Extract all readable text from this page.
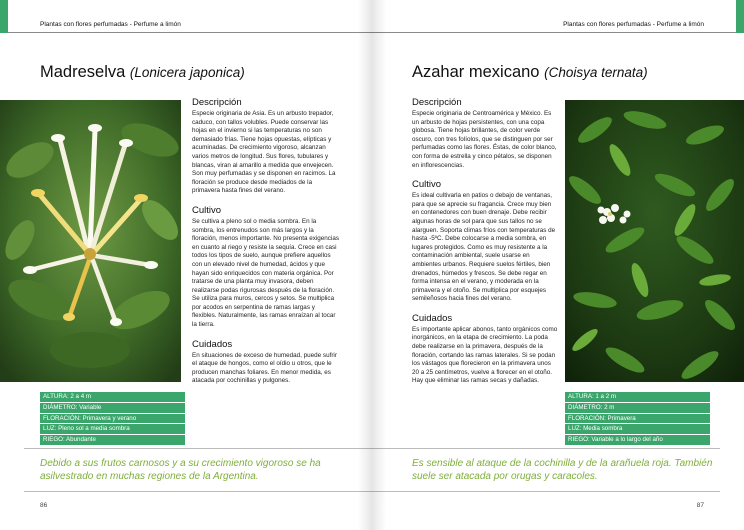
Plantas con flores perfumadas - Perfume a limón
Madreselva (Lonicera japonica)
Descripción
Especie originaria de Asia. Es un arbusto trepador, caduco, con tallos volubles. Puede conservar las hojas en el invierno si las temperaturas no son demasiado frías. Tiene hojas opuestas, elípticas y acuminadas. De crecimiento vigoroso, alcanzan varios metros de longitud. Sus flores, tubulares y blancas, viran al amarillo a medida que envejecen. Son muy perfumadas y se disponen en racimos. La floración se produce desde mediados de la primavera hasta fines del verano.
Cultivo
Se cultiva a pleno sol o media sombra. En la sombra, los entrenudos son más largos y la floración, menos importante. No presenta exigencias en cuanto al riego y resiste la sequía. Crece en casi todos los tipos de suelo, aunque prefiere aquellos con un elevado nivel de humedad, ácidos y que hayan sido enriquecidos con materia orgánica. Por tratarse de una planta muy invasora, deben realizarse podas rigurosas después de la floración. Se utiliza para muros, cercos y setos. Se multiplica por acodos en serpentina de ramas largas y flexibles. Naturalmente, las ramas enraízan al tocar la tierra.
Cuidados
En situaciones de exceso de humedad, puede sufrir el ataque de hongos, como el oídio u otros, que le producen manchas foliares. En menor medida, es atacada por cochinillas y pulgones.
ALTURA: 2 a 4 m
DIÁMETRO: Variable
FLORACIÓN: Primavera y verano
LUZ: Pleno sol a media sombra
RIEGO: Abundante
Debido a sus frutos carnosos y a su crecimiento vigoroso se ha asilvestrado en muchas regiones de la Argentina.
86
Plantas con flores perfumadas - Perfume a limón
Azahar mexicano (Choisya ternata)
Descripción
Especie originaria de Centroamérica y México. Es un arbusto de hojas persistentes, con una copa globosa. Tiene hojas brillantes, de color verde oscuro, con tres folíolos, que se distinguen por ser perfumadas como las flores. Éstas, de color blanco, con forma de estrella y cinco pétalos, se disponen en inflorescencias.
Cultivo
Es ideal cultivarla en patios o debajo de ventanas, para que se aprecie su fragancia. Crece muy bien en contenedores con buen drenaje. Debe recibir algunas horas de sol para que sus tallos no se alarguen. Soporta climas fríos con temperaturas de hasta -5ºC. Debe colocarse a media sombra, en lugares protegidos. Como es muy resistente a la contaminación ambiental, suele usarse en ambientes urbanos. Requiere suelos fértiles, bien drenados, húmedos y frescos. Se debe regar en forma intensa en el verano, y moderada en la primavera y el otoño. Se multiplica por esquejes semileñosos hacia fines del verano.
Cuidados
Es importante aplicar abonos, tanto orgánicos como inorgánicos, en la etapa de crecimiento. La poda debe realizarse en la primavera, después de la floración, cortando las ramas laterales. Si se podan los vástagos que florecieron en la primavera unos 20 a 25 centímetros, vuelve a florecer en el otoño. Hay que eliminar las ramas secas y dañadas.
ALTURA: 1 a 2 m
DIÁMETRO: 2 m
FLORACIÓN: Primavera
LUZ: Media sombra
RIEGO: Variable a lo largo del año
Es sensible al ataque de la cochinilla y de la arañuela roja. También suele ser atacada por orugas y caracoles.
87
